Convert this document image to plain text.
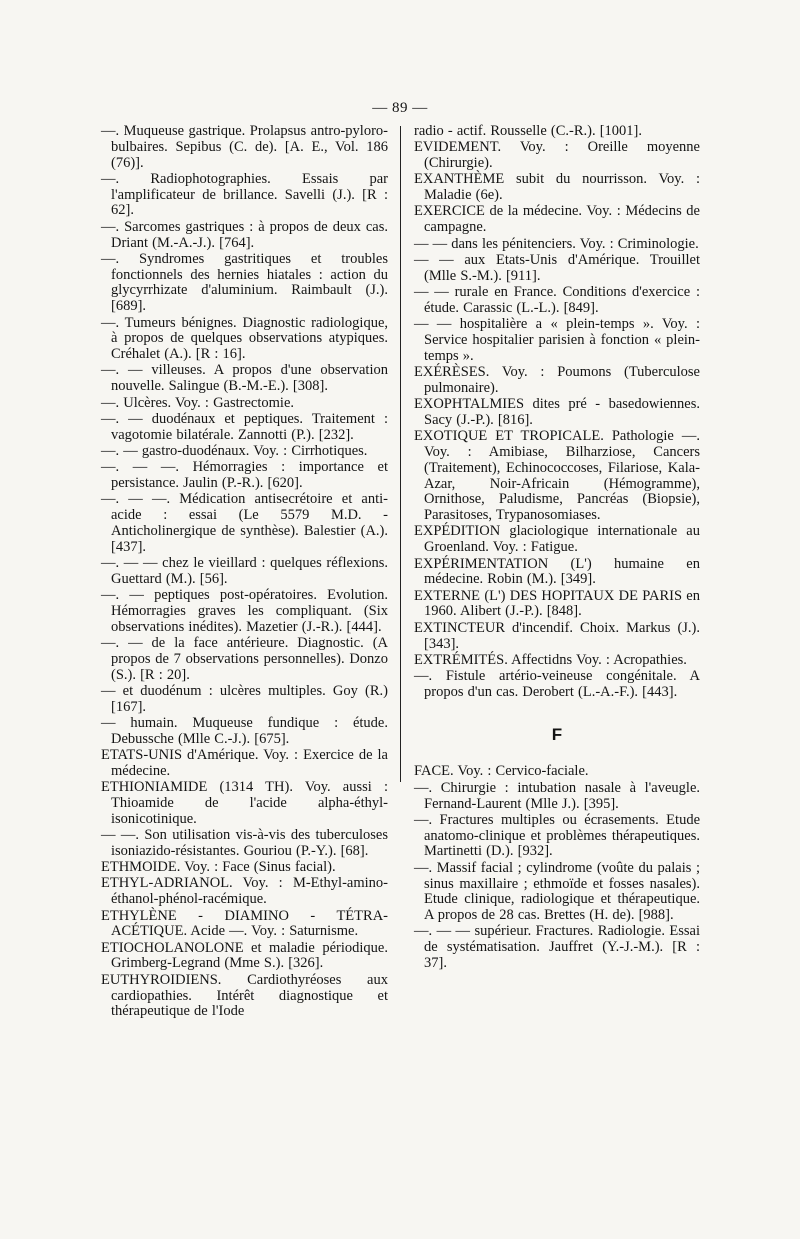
— 89 —

—. Muqueuse gastrique. Prolapsus antro-pyloro-bulbaires. Sepibus (C. de). [A. E., Vol. 186 (76)].

—. Radiophotographies. Essais par l'amplificateur de brillance. Savelli (J.). [R : 62].

—. Sarcomes gastriques : à propos de deux cas. Driant (M.-A.-J.). [764].

—. Syndromes gastritiques et troubles fonctionnels des hernies hiatales : action du glycyrrhizate d'aluminium. Raimbault (J.). [689].

—. Tumeurs bénignes. Diagnostic radiologique, à propos de quelques observations atypiques. Créhalet (A.). [R : 16].

—. — villeuses. A propos d'une observation nouvelle. Salingue (B.-M.-E.). [308].

—. Ulcères. Voy. : Gastrectomie.

—. — duodénaux et peptiques. Traitement : vagotomie bilatérale. Zannotti (P.). [232].

—. — gastro-duodénaux. Voy. : Cirrhotiques.

—. — —. Hémorragies : importance et persistance. Jaulin (P.-R.). [620].

—. — —. Médication antisecrétoire et anti-acide : essai (Le 5579 M.D. - Anticholinergique de synthèse). Balestier (A.). [437].

—. — — chez le vieillard : quelques réflexions. Guettard (M.). [56].

—. — peptiques post-opératoires. Evolution. Hémorragies graves les compliquant. (Six observations inédites). Mazetier (J.-R.). [444].

—. — de la face antérieure. Diagnostic. (A propos de 7 observations personnelles). Donzo (S.). [R : 20].

— et duodénum : ulcères multiples. Goy (R.) [167].

— humain. Muqueuse fundique : étude. Debussche (Mlle C.-J.). [675].

ETATS-UNIS d'Amérique. Voy. : Exercice de la médecine.

ETHIONIAMIDE (1314 TH). Voy. aussi : Thioamide de l'acide alpha-éthyl-isonicotinique.

— —. Son utilisation vis-à-vis des tuberculoses isoniazido-résistantes. Gouriou (P.-Y.). [68].

ETHMOIDE. Voy. : Face (Sinus facial).

ETHYL-ADRIANOL. Voy. : M-Ethyl-amino-éthanol-phénol-racémique.

ETHYLÈNE - DIAMINO - TÉTRA-ACÉTIQUE. Acide —. Voy. : Saturnisme.

ETIOCHOLANOLONE et maladie périodique. Grimberg-Legrand (Mme S.). [326].

EUTHYROIDIENS. Cardiothyréoses aux cardiopathies. Intérêt diagnostique et thérapeutique de l'Iode

radio - actif. Rousselle (C.-R.). [1001].

EVIDEMENT. Voy. : Oreille moyenne (Chirurgie).

EXANTHÈME subit du nourrisson. Voy. : Maladie (6e).

EXERCICE de la médecine. Voy. : Médecins de campagne.

— — dans les pénitenciers. Voy. : Criminologie.

— — aux Etats-Unis d'Amérique. Trouillet (Mlle S.-M.). [911].

— — rurale en France. Conditions d'exercice : étude. Carassic (L.-L.). [849].

— — hospitalière a « plein-temps ». Voy. : Service hospitalier parisien à fonction « plein-temps ».

EXÉRÈSES. Voy. : Poumons (Tuberculose pulmonaire).

EXOPHTALMIES dites pré - basedowiennes. Sacy (J.-P.). [816].

EXOTIQUE ET TROPICALE. Pathologie —. Voy. : Amibiase, Bilharziose, Cancers (Traitement), Echinococcoses, Filariose, Kala-Azar, Noir-Africain (Hémogramme), Ornithose, Paludisme, Pancréas (Biopsie), Parasitoses, Trypanosomiases.

EXPÉDITION glaciologique internationale au Groenland. Voy. : Fatigue.

EXPÉRIMENTATION (L') humaine en médecine. Robin (M.). [349].

EXTERNE (L') DES HOPITAUX DE PARIS en 1960. Alibert (J.-P.). [848].

EXTINCTEUR d'incendif. Choix. Markus (J.). [343].

EXTRÉMITÉS. Affectidns Voy. : Acropathies.

—. Fistule artério-veineuse congénitale. A propos d'un cas. Derobert (L.-A.-F.). [443].

F

FACE. Voy. : Cervico-faciale.

—. Chirurgie : intubation nasale à l'aveugle. Fernand-Laurent (Mlle J.). [395].

—. Fractures multiples ou écrasements. Etude anatomo-clinique et problèmes thérapeutiques. Martinetti (D.). [932].

—. Massif facial ; cylindrome (voûte du palais ; sinus maxillaire ; ethmoïde et fosses nasales). Etude clinique, radiologique et thérapeutique. A propos de 28 cas. Brettes (H. de). [988].

—. — — supérieur. Fractures. Radiologie. Essai de systématisation. Jauffret (Y.-J.-M.). [R : 37].
